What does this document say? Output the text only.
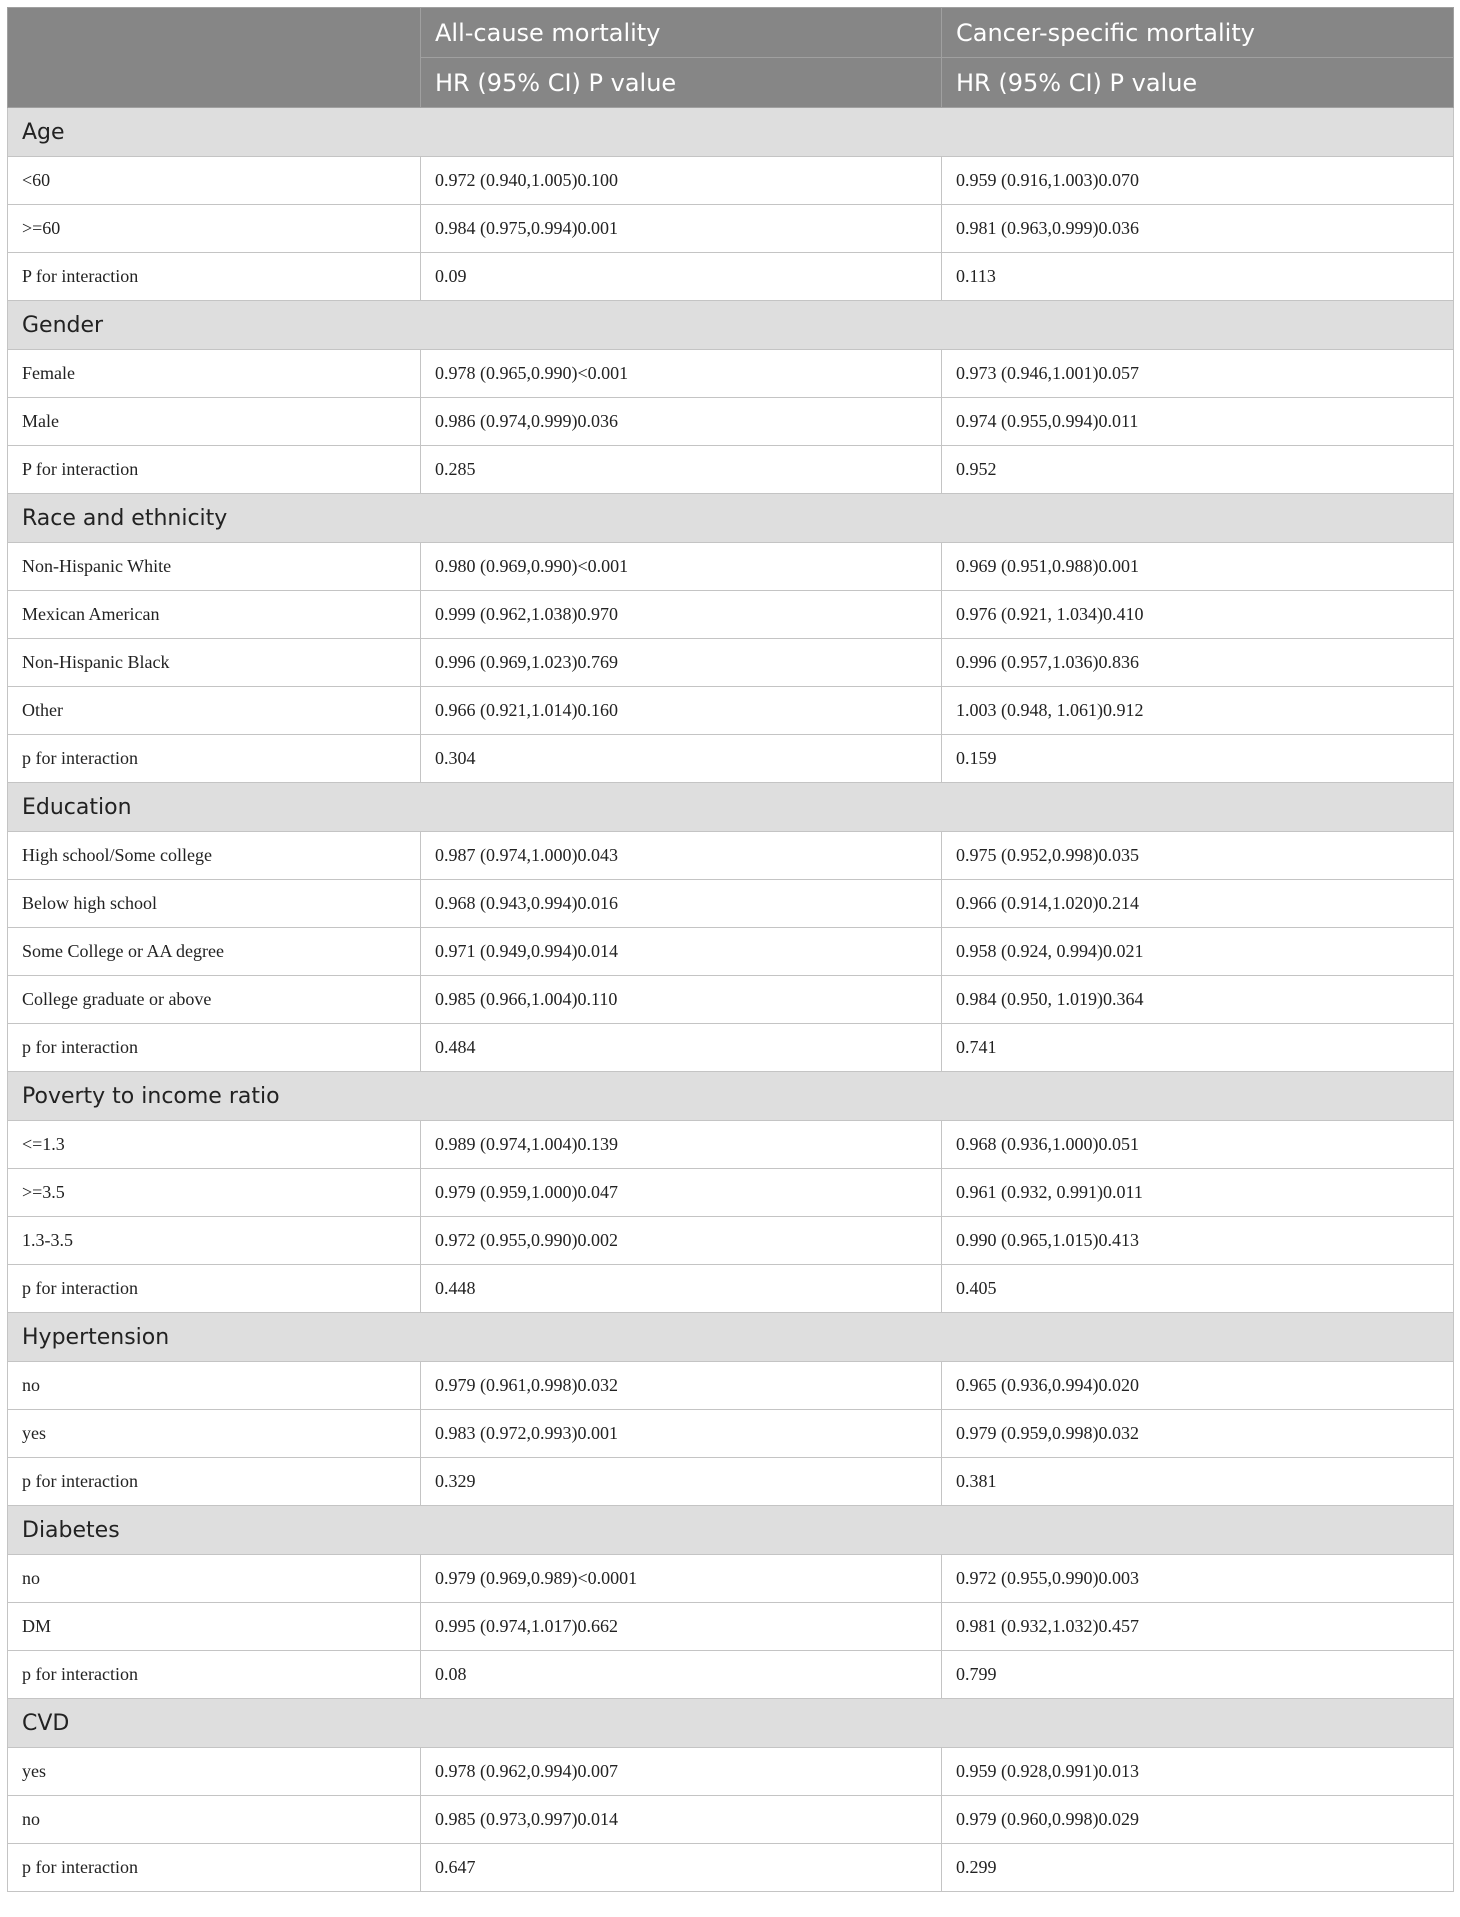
	All-cause mortality	Cancer-specific mortality
	HR (95% CI) P value	HR (95% CI) P value
Age		
<60	0.972 (0.940,1.005)0.100	0.959 (0.916,1.003)0.070
>=60	0.984 (0.975,0.994)0.001	0.981 (0.963,0.999)0.036
P for interaction	0.09	0.113
Gender		
Female	0.978 (0.965,0.990)<0.001	0.973 (0.946,1.001)0.057
Male	0.986 (0.974,0.999)0.036	0.974 (0.955,0.994)0.011
P for interaction	0.285	0.952
Race and ethnicity		
Non-Hispanic White	0.980 (0.969,0.990)<0.001	0.969 (0.951,0.988)0.001
Mexican American	0.999 (0.962,1.038)0.970	0.976 (0.921, 1.034)0.410
Non-Hispanic Black	0.996 (0.969,1.023)0.769	0.996 (0.957,1.036)0.836
Other	0.966 (0.921,1.014)0.160	1.003 (0.948, 1.061)0.912
p for interaction	0.304	0.159
Education		
High school/Some college	0.987 (0.974,1.000)0.043	0.975 (0.952,0.998)0.035
Below high school	0.968 (0.943,0.994)0.016	0.966 (0.914,1.020)0.214
Some College or AA degree	0.971 (0.949,0.994)0.014	0.958 (0.924, 0.994)0.021
College graduate or above	0.985 (0.966,1.004)0.110	0.984 (0.950, 1.019)0.364
p for interaction	0.484	0.741
Poverty to income ratio		
<=1.3	0.989 (0.974,1.004)0.139	0.968 (0.936,1.000)0.051
>=3.5	0.979 (0.959,1.000)0.047	0.961 (0.932, 0.991)0.011
1.3-3.5	0.972 (0.955,0.990)0.002	0.990 (0.965,1.015)0.413
p for interaction	0.448	0.405
Hypertension		
no	0.979 (0.961,0.998)0.032	0.965 (0.936,0.994)0.020
yes	0.983 (0.972,0.993)0.001	0.979 (0.959,0.998)0.032
p for interaction	0.329	0.381
Diabetes		
no	0.979 (0.969,0.989)<0.0001	0.972 (0.955,0.990)0.003
DM	0.995 (0.974,1.017)0.662	0.981 (0.932,1.032)0.457
p for interaction	0.08	0.799
CVD		
yes	0.978 (0.962,0.994)0.007	0.959 (0.928,0.991)0.013
no	0.985 (0.973,0.997)0.014	0.979 (0.960,0.998)0.029
p for interaction	0.647	0.299
